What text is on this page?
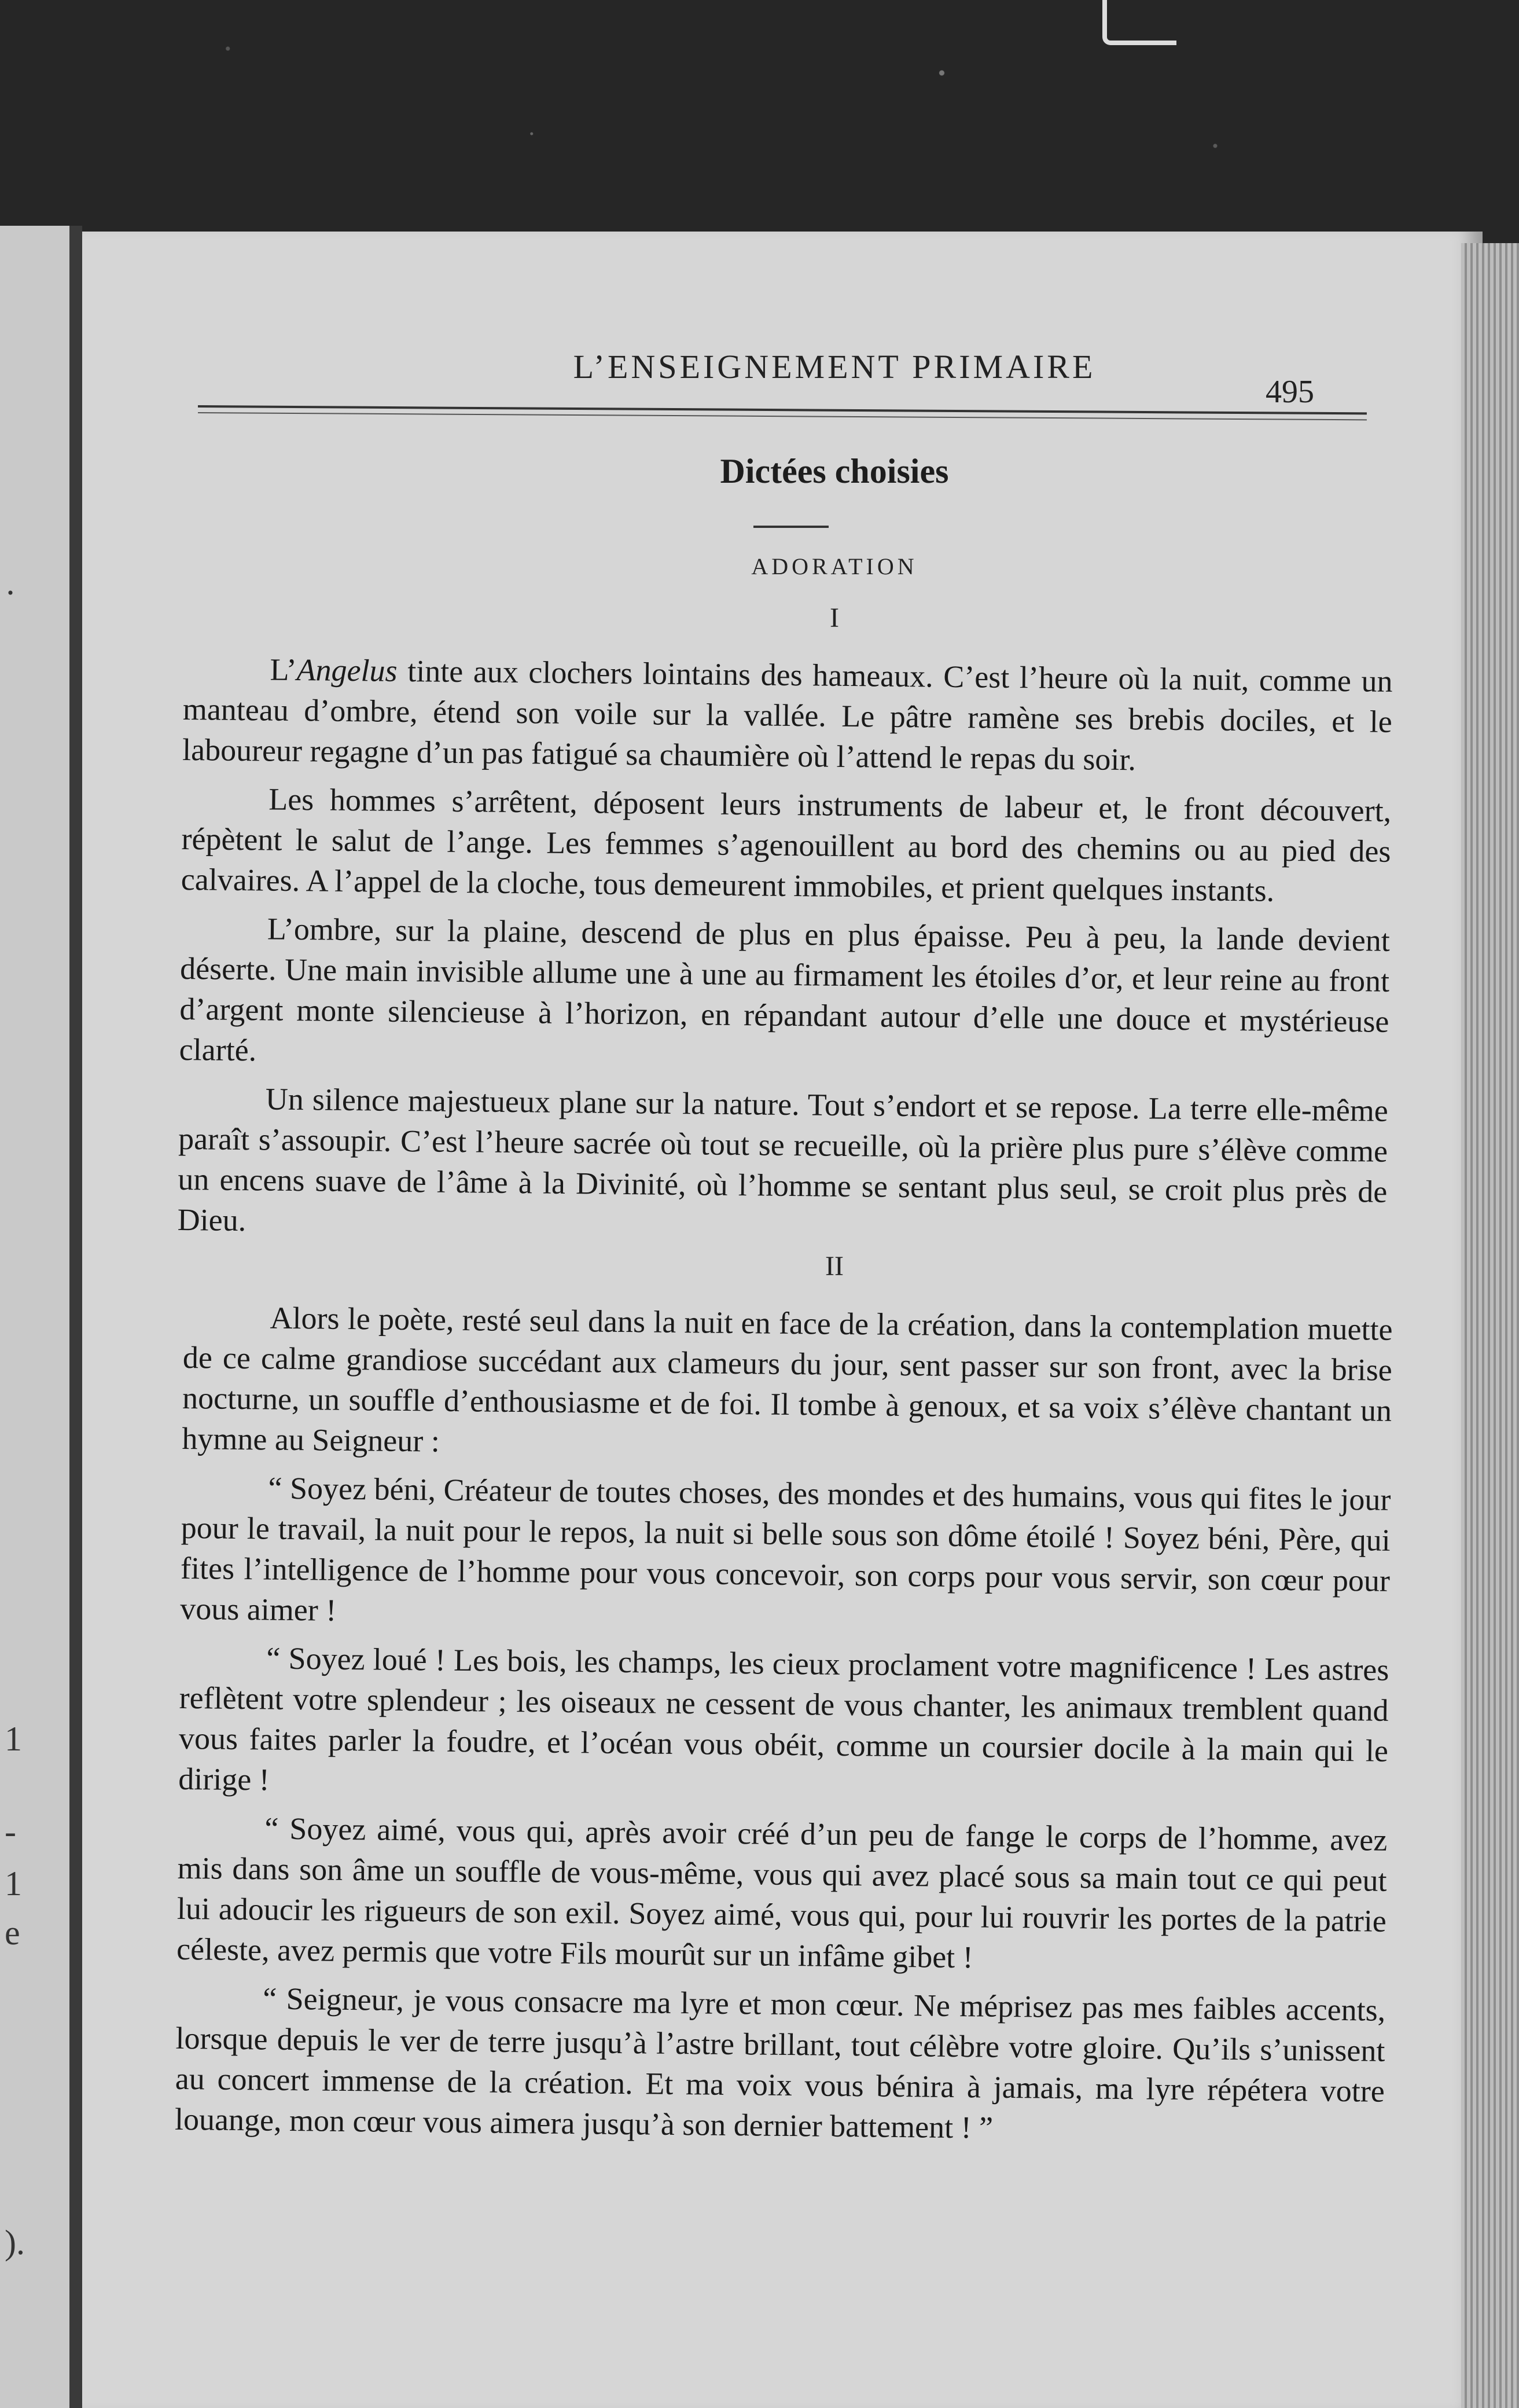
·
1
-
1
e
).
L’ENSEIGNEMENT PRIMAIRE
495
Dictées choisies
ADORATION
I

L’Angelus tinte aux clochers lointains des hameaux. C’est l’heure où la nuit, comme un manteau d’ombre, étend son voile sur la vallée. Le pâtre ramène ses brebis dociles, et le laboureur regagne d’un pas fatigué sa chaumière où l’attend le repas du soir.

Les hommes s’arrêtent, déposent leurs instruments de labeur et, le front découvert, répètent le salut de l’ange. Les femmes s’agenouillent au bord des chemins ou au pied des calvaires. A l’appel de la cloche, tous demeurent immobiles, et prient quelques instants.

L’ombre, sur la plaine, descend de plus en plus épaisse. Peu à peu, la lande devient déserte. Une main invisible allume une à une au firmament les étoiles d’or, et leur reine au front d’argent monte silencieuse à l’horizon, en répandant autour d’elle une douce et mystérieuse clarté.

Un silence majestueux plane sur la nature. Tout s’endort et se repose. La terre elle-même paraît s’assoupir. C’est l’heure sacrée où tout se recueille, où la prière plus pure s’élève comme un encens suave de l’âme à la Divinité, où l’homme se sentant plus seul, se croit plus près de Dieu.

II

Alors le poète, resté seul dans la nuit en face de la création, dans la contemplation muette de ce calme grandiose succédant aux clameurs du jour, sent passer sur son front, avec la brise nocturne, un souffle d’enthousiasme et de foi. Il tombe à genoux, et sa voix s’élève chantant un hymne au Seigneur :

“ Soyez béni, Créateur de toutes choses, des mondes et des humains, vous qui fites le jour pour le travail, la nuit pour le repos, la nuit si belle sous son dôme étoilé ! Soyez béni, Père, qui fites l’intelligence de l’homme pour vous concevoir, son corps pour vous servir, son cœur pour vous aimer !

“ Soyez loué ! Les bois, les champs, les cieux proclament votre magnificence ! Les astres reflètent votre splendeur ; les oiseaux ne cessent de vous chanter, les animaux tremblent quand vous faites parler la foudre, et l’océan vous obéit, comme un coursier docile à la main qui le dirige !

“ Soyez aimé, vous qui, après avoir créé d’un peu de fange le corps de l’homme, avez mis dans son âme un souffle de vous-même, vous qui avez placé sous sa main tout ce qui peut lui adoucir les rigueurs de son exil. Soyez aimé, vous qui, pour lui rouvrir les portes de la patrie céleste, avez permis que votre Fils mourût sur un infâme gibet !

“ Seigneur, je vous consacre ma lyre et mon cœur. Ne méprisez pas mes faibles accents, lorsque depuis le ver de terre jusqu’à l’astre brillant, tout célèbre votre gloire. Qu’ils s’unissent au concert immense de la création. Et ma voix vous bénira à jamais, ma lyre répétera votre louange, mon cœur vous aimera jusqu’à son dernier battement ! ”
